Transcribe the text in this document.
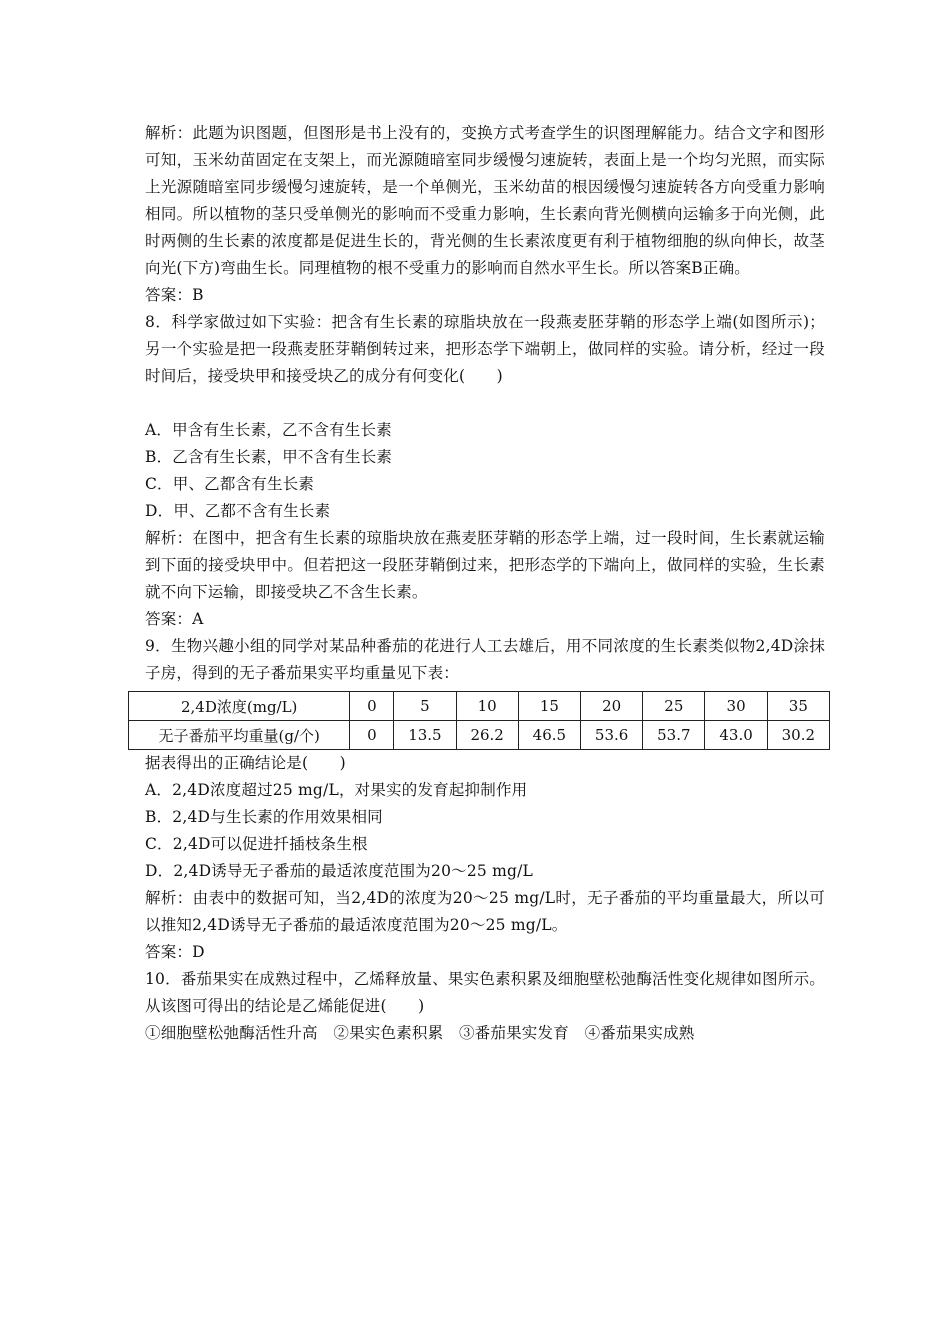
解析：此题为识图题，但图形是书上没有的，变换方式考查学生的识图理解能力。结合文字和图形可知，玉米幼苗固定在支架上，而光源随暗室同步缓慢匀速旋转，表面上是一个均匀光照，而实际上光源随暗室同步缓慢匀速旋转，是一个单侧光，玉米幼苗的根因缓慢匀速旋转各方向受重力影响相同。所以植物的茎只受单侧光的影响而不受重力影响，生长素向背光侧横向运输多于向光侧，此时两侧的生长素的浓度都是促进生长的，背光侧的生长素浓度更有利于植物细胞的纵向伸长，故茎向光(下方)弯曲生长。同理植物的根不受重力的影响而自然水平生长。所以答案B正确。

答案：B

8．科学家做过如下实验：把含有生长素的琼脂块放在一段燕麦胚芽鞘的形态学上端(如图所示)；另一个实验是把一段燕麦胚芽鞘倒转过来，把形态学下端朝上，做同样的实验。请分析，经过一段时间后，接受块甲和接受块乙的成分有何变化(　　)

A．甲含有生长素，乙不含有生长素

B．乙含有生长素，甲不含有生长素

C．甲、乙都含有生长素

D．甲、乙都不含有生长素

解析：在图中，把含有生长素的琼脂块放在燕麦胚芽鞘的形态学上端，过一段时间，生长素就运输到下面的接受块甲中。但若把这一段胚芽鞘倒过来，把形态学的下端向上，做同样的实验，生长素就不向下运输，即接受块乙不含生长素。

答案：A

9．生物兴趣小组的同学对某品种番茄的花进行人工去雄后，用不同浓度的生长素类似物2,4D涂抹子房，得到的无子番茄果实平均重量见下表：

2,4D浓度(mg/L)	0	5	10	15	20	25	30	35
无子番茄平均重量(g/个)	0	13.5	26.2	46.5	53.6	53.7	43.0	30.2

据表得出的正确结论是(　　)

A．2,4D浓度超过25 mg/L，对果实的发育起抑制作用

B．2,4D与生长素的作用效果相同

C．2,4D可以促进扦插枝条生根

D．2,4D诱导无子番茄的最适浓度范围为20～25 mg/L

解析：由表中的数据可知，当2,4D的浓度为20～25 mg/L时，无子番茄的平均重量最大，所以可以推知2,4D诱导无子番茄的最适浓度范围为20～25 mg/L。

答案：D

10．番茄果实在成熟过程中，乙烯释放量、果实色素积累及细胞壁松弛酶活性变化规律如图所示。从该图可得出的结论是乙烯能促进(　　)

①细胞壁松弛酶活性升高　②果实色素积累　③番茄果实发育　④番茄果实成熟
